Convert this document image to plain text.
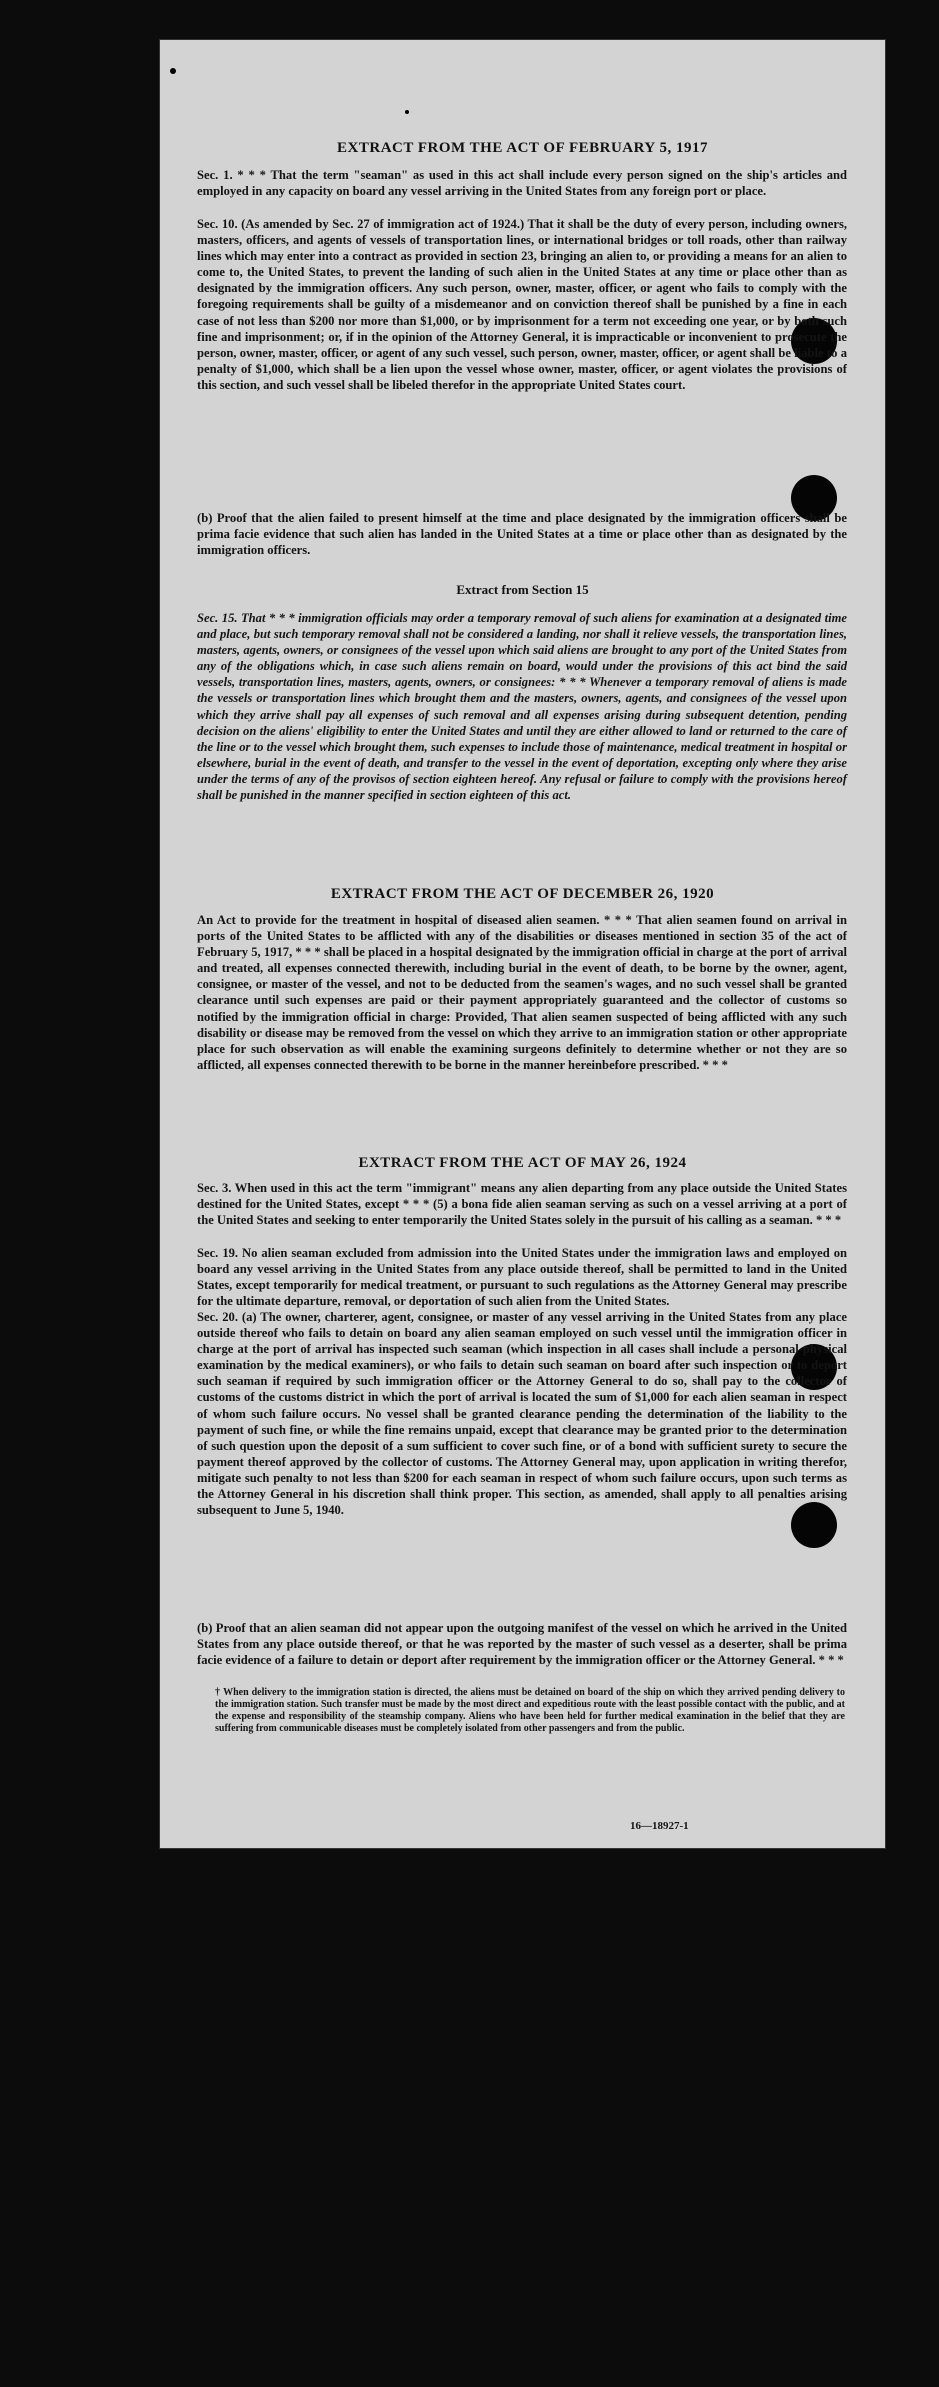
EXTRACT FROM THE ACT OF FEBRUARY 5, 1917
Sec. 1. * * * That the term "seaman" as used in this act shall include every person signed on the ship's articles and employed in any capacity on board any vessel arriving in the United States from any foreign port or place.
Sec. 10. (As amended by Sec. 27 of immigration act of 1924.) That it shall be the duty of every person, including owners, masters, officers, and agents of vessels of transportation lines, or international bridges or toll roads, other than railway lines which may enter into a contract as provided in section 23, bringing an alien to, or providing a means for an alien to come to, the United States, to prevent the landing of such alien in the United States at any time or place other than as designated by the immigration officers. Any such person, owner, master, officer, or agent who fails to comply with the foregoing requirements shall be guilty of a misdemeanor and on conviction thereof shall be punished by a fine in each case of not less than $200 nor more than $1,000, or by imprisonment for a term not exceeding one year, or by both such fine and imprisonment; or, if in the opinion of the Attorney General, it is impracticable or inconvenient to prosecute the person, owner, master, officer, or agent of any such vessel, such person, owner, master, officer, or agent shall be liable to a penalty of $1,000, which shall be a lien upon the vessel whose owner, master, officer, or agent violates the provisions of this section, and such vessel shall be libeled therefor in the appropriate United States court.
(b) Proof that the alien failed to present himself at the time and place designated by the immigration officers shall be prima facie evidence that such alien has landed in the United States at a time or place other than as designated by the immigration officers.
Extract from Section 15
Sec. 15. That * * * immigration officials may order a temporary removal of such aliens for examination at a designated time and place, but such temporary removal shall not be considered a landing, nor shall it relieve vessels, the transportation lines, masters, agents, owners, or consignees of the vessel upon which said aliens are brought to any port of the United States from any of the obligations which, in case such aliens remain on board, would under the provisions of this act bind the said vessels, transportation lines, masters, agents, owners, or consignees: * * * Whenever a temporary removal of aliens is made the vessels or transportation lines which brought them and the masters, owners, agents, and consignees of the vessel upon which they arrive shall pay all expenses of such removal and all expenses arising during subsequent detention, pending decision on the aliens' eligibility to enter the United States and until they are either allowed to land or returned to the care of the line or to the vessel which brought them, such expenses to include those of maintenance, medical treatment in hospital or elsewhere, burial in the event of death, and transfer to the vessel in the event of deportation, excepting only where they arise under the terms of any of the provisos of section eighteen hereof. Any refusal or failure to comply with the provisions hereof shall be punished in the manner specified in section eighteen of this act.
EXTRACT FROM THE ACT OF DECEMBER 26, 1920
An Act to provide for the treatment in hospital of diseased alien seamen. * * * That alien seamen found on arrival in ports of the United States to be afflicted with any of the disabilities or diseases mentioned in section 35 of the act of February 5, 1917, * * * shall be placed in a hospital designated by the immigration official in charge at the port of arrival and treated, all expenses connected therewith, including burial in the event of death, to be borne by the owner, agent, consignee, or master of the vessel, and not to be deducted from the seamen's wages, and no such vessel shall be granted clearance until such expenses are paid or their payment appropriately guaranteed and the collector of customs so notified by the immigration official in charge: Provided, That alien seamen suspected of being afflicted with any such disability or disease may be removed from the vessel on which they arrive to an immigration station or other appropriate place for such observation as will enable the examining surgeons definitely to determine whether or not they are so afflicted, all expenses connected therewith to be borne in the manner hereinbefore prescribed. * * *
EXTRACT FROM THE ACT OF MAY 26, 1924
Sec. 3. When used in this act the term "immigrant" means any alien departing from any place outside the United States destined for the United States, except * * * (5) a bona fide alien seaman serving as such on a vessel arriving at a port of the United States and seeking to enter temporarily the United States solely in the pursuit of his calling as a seaman. * * *
Sec. 19. No alien seaman excluded from admission into the United States under the immigration laws and employed on board any vessel arriving in the United States from any place outside thereof, shall be permitted to land in the United States, except temporarily for medical treatment, or pursuant to such regulations as the Attorney General may prescribe for the ultimate departure, removal, or deportation of such alien from the United States.
Sec. 20. (a) The owner, charterer, agent, consignee, or master of any vessel arriving in the United States from any place outside thereof who fails to detain on board any alien seaman employed on such vessel until the immigration officer in charge at the port of arrival has inspected such seaman (which inspection in all cases shall include a personal physical examination by the medical examiners), or who fails to detain such seaman on board after such inspection or to deport such seaman if required by such immigration officer or the Attorney General to do so, shall pay to the collector of customs of the customs district in which the port of arrival is located the sum of $1,000 for each alien seaman in respect of whom such failure occurs. No vessel shall be granted clearance pending the determination of the liability to the payment of such fine, or while the fine remains unpaid, except that clearance may be granted prior to the determination of such question upon the deposit of a sum sufficient to cover such fine, or of a bond with sufficient surety to secure the payment thereof approved by the collector of customs. The Attorney General may, upon application in writing therefor, mitigate such penalty to not less than $200 for each seaman in respect of whom such failure occurs, upon such terms as the Attorney General in his discretion shall think proper. This section, as amended, shall apply to all penalties arising subsequent to June 5, 1940.
(b) Proof that an alien seaman did not appear upon the outgoing manifest of the vessel on which he arrived in the United States from any place outside thereof, or that he was reported by the master of such vessel as a deserter, shall be prima facie evidence of a failure to detain or deport after requirement by the immigration officer or the Attorney General. * * *
† When delivery to the immigration station is directed, the aliens must be detained on board of the ship on which they arrived pending delivery to the immigration station. Such transfer must be made by the most direct and expeditious route with the least possible contact with the public, and at the expense and responsibility of the steamship company. Aliens who have been held for further medical examination in the belief that they are suffering from communicable diseases must be completely isolated from other passengers and from the public.
16—18927-1
